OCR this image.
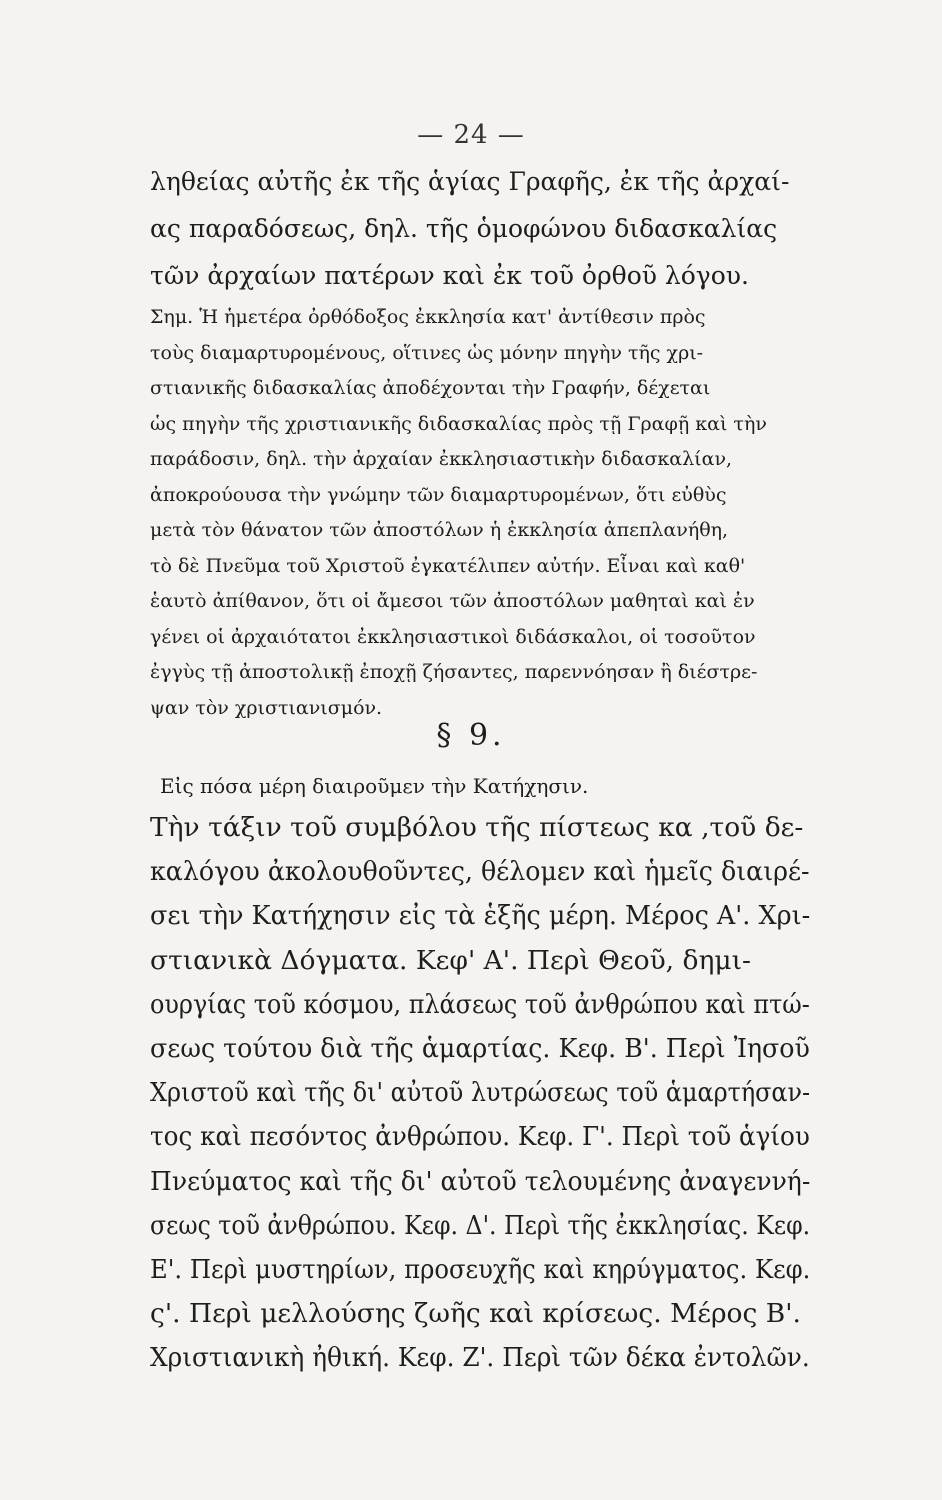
— 24 —
ληθείας αὐτῆς ἐκ τῆς ἁγίας Γραφῆς, ἐκ τῆς ἀρχαί-
ας παραδόσεως, δηλ. τῆς ὁμοφώνου διδασκαλίας
τῶν ἀρχαίων πατέρων καὶ ἐκ τοῦ ὀρθοῦ λόγου.
Σημ. Ἡ ἡμετέρα ὀρθόδοξος ἐκκλησία κατ' ἀντίθεσιν πρὸς
τοὺς διαμαρτυρομένους, οἵτινες ὡς μόνην πηγὴν τῆς χρι-
στιανικῆς διδασκαλίας ἀποδέχονται τὴν Γραφήν, δέχεται
ὡς πηγὴν τῆς χριστιανικῆς διδασκαλίας πρὸς τῇ Γραφῇ καὶ τὴν
παράδοσιν, δηλ. τὴν ἀρχαίαν ἐκκλησιαστικὴν διδασκαλίαν,
ἀποκρούουσα τὴν γνώμην τῶν διαμαρτυρομένων, ὅτι εὐθὺς
μετὰ τὸν θάνατον τῶν ἀποστόλων ἡ ἐκκλησία ἀπεπλανήθη,
τὸ δὲ Πνεῦμα τοῦ Χριστοῦ ἐγκατέλιπεν αὐτήν. Εἶναι καὶ καθ'
ἑαυτὸ ἀπίθανον, ὅτι οἱ ἄμεσοι τῶν ἀποστόλων μαθηταὶ καὶ ἐν
γένει οἱ ἀρχαιότατοι ἐκκλησιαστικοὶ διδάσκαλοι, οἱ τοσοῦτον
ἐγγὺς τῇ ἀποστολικῇ ἐποχῇ ζήσαντες, παρεννόησαν ἢ διέστρε-
ψαν τὸν χριστιανισμόν.
§ 9.
Εἰς πόσα μέρη διαιροῦμεν τὴν Κατήχησιν.
Τὴν τάξιν τοῦ συμβόλου τῆς πίστεως κα ,τοῦ δε-
καλόγου ἀκολουθοῦντες, θέλομεν καὶ ἡμεῖς διαιρέ-
σει τὴν Κατήχησιν εἰς τὰ ἑξῆς μέρη. Μέρος Α'. Χρι-
στιανικὰ Δόγματα. Κεφ' Α'. Περὶ Θεοῦ, δημι-
ουργίας τοῦ κόσμου, πλάσεως τοῦ ἀνθρώπου καὶ πτώ-
σεως τούτου διὰ τῆς ἁμαρτίας. Κεφ. Β'. Περὶ Ἰησοῦ
Χριστοῦ καὶ τῆς δι' αὐτοῦ λυτρώσεως τοῦ ἁμαρτήσαν-
τος καὶ πεσόντος ἀνθρώπου. Κεφ. Γ'. Περὶ τοῦ ἁγίου
Πνεύματος καὶ τῆς δι' αὐτοῦ τελουμένης ἀναγεννή-
σεως τοῦ ἀνθρώπου. Κεφ. Δ'. Περὶ τῆς ἐκκλησίας. Κεφ.
Ε'. Περὶ μυστηρίων, προσευχῆς καὶ κηρύγματος. Κεφ.
ς'. Περὶ μελλούσης ζωῆς καὶ κρίσεως. Μέρος Β'.
Χριστιανικὴ ἠθική. Κεφ. Ζ'. Περὶ τῶν δέκα ἐντολῶν.
